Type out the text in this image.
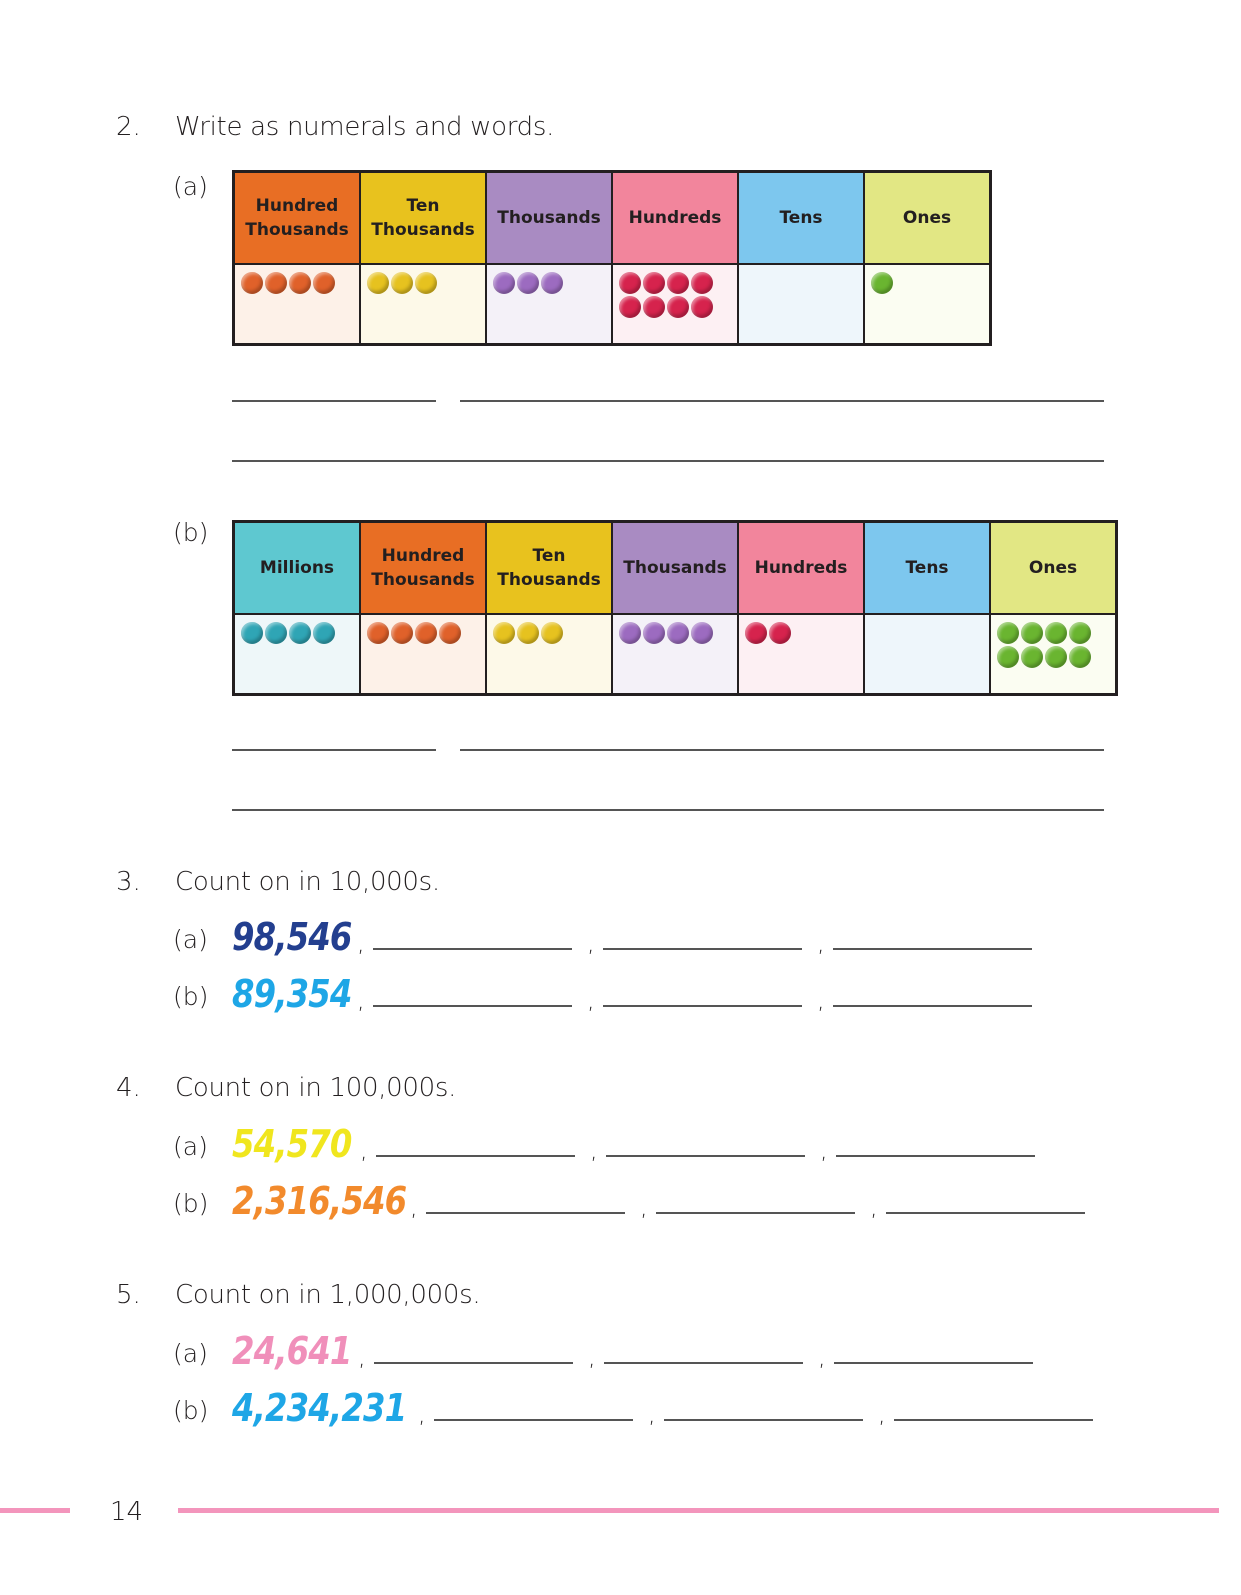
2. Write as numerals and words.
(a)
Hundred Thousands	Ten Thousands	Thousands	Hundreds	Tens	Ones

(b)
Millions	Hundred Thousands	Ten Thousands	Thousands	Hundreds	Tens	Ones

3. Count on in 10,000s.
(a) 98,546 ,	,	,
(b) 89,354 ,	,	,
(a) 54,570 ,	,	,
(b) 2,316,546 ,	,	,
(a) 24,641 ,	,	,
(b) 4,234,231 ,	,	,
4. Count on in 100,000s.
5. Count on in 1,000,000s.
14
